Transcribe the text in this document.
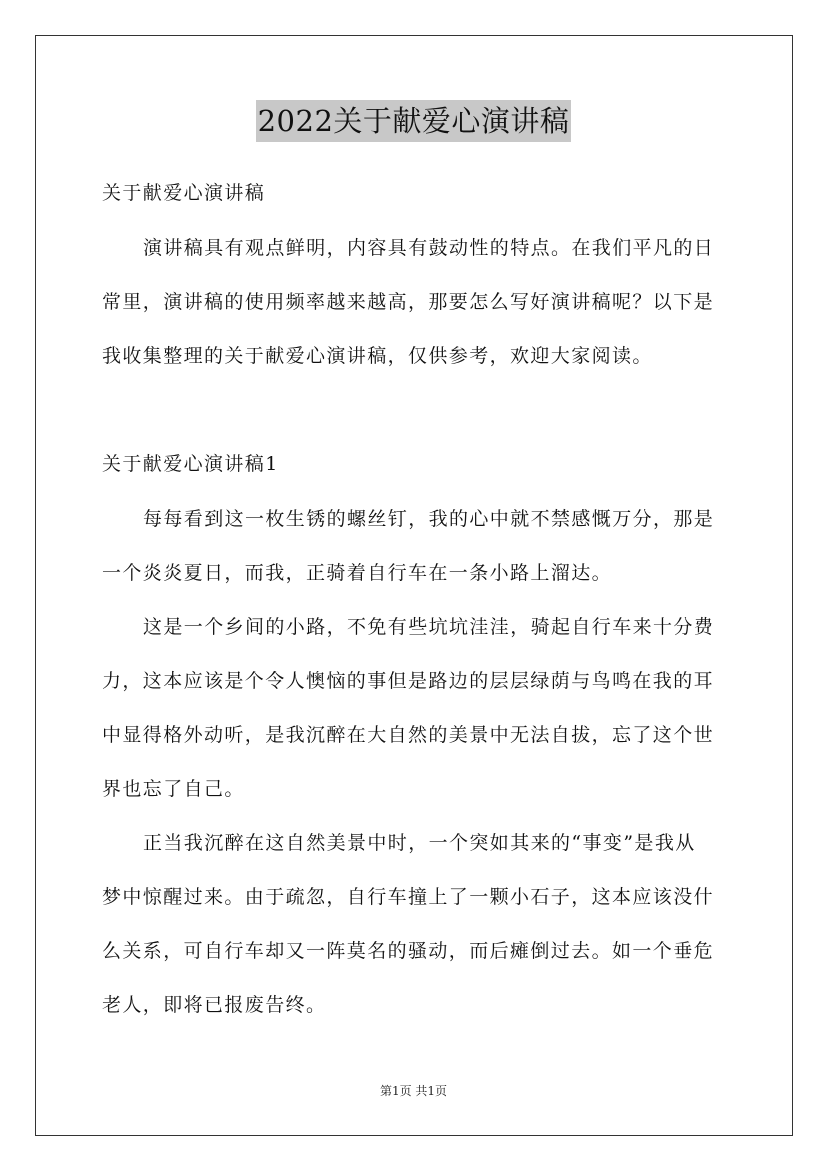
2022关于献爱心演讲稿
关于献爱心演讲稿
演讲稿具有观点鲜明，内容具有鼓动性的特点。在我们平凡的日
常里，演讲稿的使用频率越来越高，那要怎么写好演讲稿呢？以下是
我收集整理的关于献爱心演讲稿，仅供参考，欢迎大家阅读。
关于献爱心演讲稿1
每每看到这一枚生锈的螺丝钉，我的心中就不禁感慨万分，那是
一个炎炎夏日，而我，正骑着自行车在一条小路上溜达。
这是一个乡间的小路，不免有些坑坑洼洼，骑起自行车来十分费
力，这本应该是个令人懊恼的事但是路边的层层绿荫与鸟鸣在我的耳
中显得格外动听，是我沉醉在大自然的美景中无法自拔，忘了这个世
界也忘了自己。
正当我沉醉在这自然美景中时，一个突如其来的“事变”是我从
梦中惊醒过来。由于疏忽，自行车撞上了一颗小石子，这本应该没什
么关系，可自行车却又一阵莫名的骚动，而后瘫倒过去。如一个垂危
老人，即将已报废告终。
第1页 共1页
